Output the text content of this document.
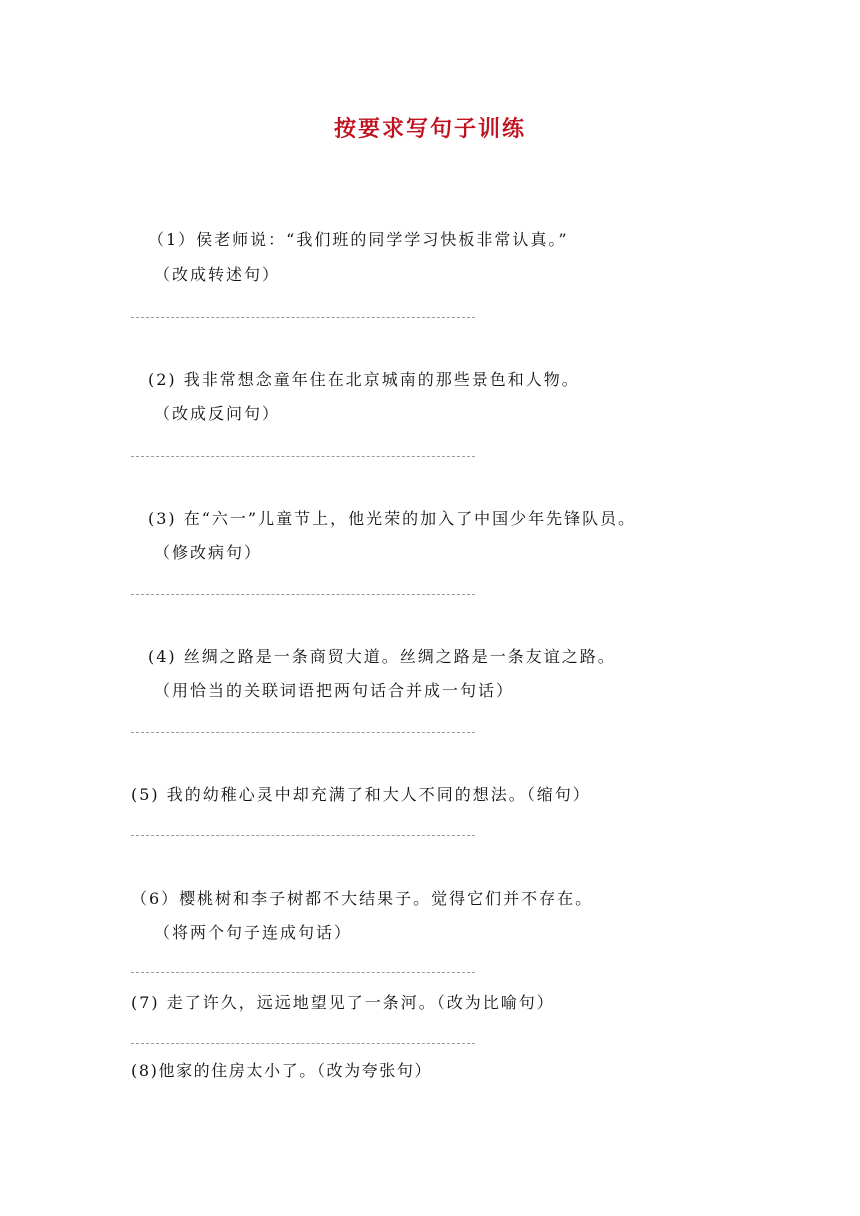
按要求写句子训练
（1）侯老师说：“我们班的同学学习快板非常认真。”
（改成转述句）
(2) 我非常想念童年住在北京城南的那些景色和人物。
（改成反问句）
(3) 在“六一”儿童节上，他光荣的加入了中国少年先锋队员。
（修改病句）
(4) 丝绸之路是一条商贸大道。丝绸之路是一条友谊之路。
（用恰当的关联词语把两句话合并成一句话）
(5) 我的幼稚心灵中却充满了和大人不同的想法。（缩句）
（6）樱桃树和李子树都不大结果子。觉得它们并不存在。
（将两个句子连成句话）
(7) 走了许久，远远地望见了一条河。（改为比喻句）
(8)他家的住房太小了。（改为夸张句）
